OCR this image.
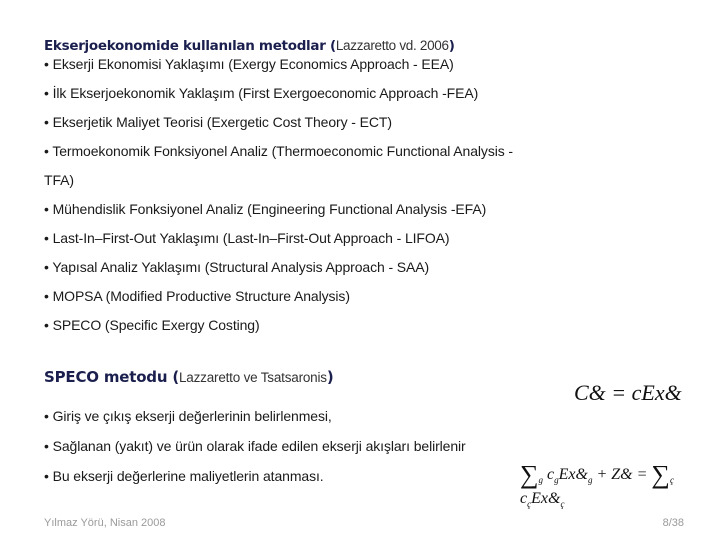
Ekserjoekonomide kullanılan metodlar (Lazzaretto vd. 2006)
• Ekserji Ekonomisi Yaklaşımı (Exergy Economics Approach - EEA)
• İlk Ekserjoekonomik Yaklaşım (First Exergoeconomic Approach -FEA)
• Ekserjetik Maliyet Teorisi (Exergetic Cost Theory - ECT)
• Termoekonomik Fonksiyonel Analiz (Thermoeconomic Functional Analysis -
TFA)
• Mühendislik Fonksiyonel Analiz (Engineering Functional Analysis -EFA)
• Last-In–First-Out Yaklaşımı (Last-In–First-Out Approach - LIFOA)
• Yapısal Analiz Yaklaşımı (Structural Analysis Approach - SAA)
• MOPSA (Modified Productive Structure Analysis)
• SPECO (Specific Exergy Costing)
SPECO metodu (Lazzaretto ve Tsatsaronis)
• Giriş ve çıkış ekserji değerlerinin belirlenmesi,
• Sağlanan (yakıt) ve ürün olarak ifade edilen ekserji akışları belirlenir
• Bu ekserji değerlerine maliyetlerin atanması.
C& = cEx&
$\sum_g$ $c_gEx\&_g$ + Z& = $\sum_ç$ $c_çEx\&_ç$
Yılmaz Yörü, Nisan 2008	8/38
